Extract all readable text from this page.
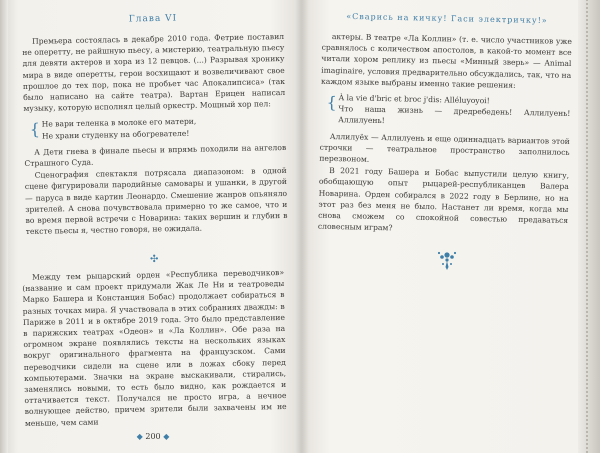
Глава VI

Премьера состоялась в декабре 2010 года. Фетрие поставил не оперетту, не райшную пьесу, а мистерию, театральную пьесу для девяти актеров и хора из 12 певцов. (...) Разрывая хронику мира в виде оперетты, герои восхищают и возвеличивают свое прошлое до тех пор, пока не пробьет час Апокалипсиса» (так было написано на сайте театра). Вартан Ерицен написал музыку, которую исполнял целый оркестр. Мощный хор пел:

{ Не вари теленка в молоке его матери,
Не храни студенку на обогревателе!

А Дети гнева в финале пьесы и впрямь походили на ангелов Страшного Суда.

Сценография спектакля потрясала диапазоном: в одной сцене фигурировали пародийные самовары и ушанки, в другой — паруса в виде картин Леонардо. Смешение жанров опьяняло зрителей. А снова почувствовала примерно то же самое, что и во время первой встречи с Новарина: таких вершин и глубин в тексте пьесы я, честно говоря, не ожидала.

✣

Между тем рыцарский орден «Республика переводчиков» (название и сам проект придумали Жак Ле Ни и театроведы Марко Башера и Констанция Бобас) продолжает собираться в разных точках мира. Я участвовала в этих собраниях дважды: в Париже в 2011 и в октябре 2019 года. Это было представление в парижских театрах «Одеон» и «Ла Коллин». Обе раза на огромном экране появлялись тексты на нескольких языках вокруг оригинального фрагмента на французском. Сами переводчики сидели на сцене или в ложах сбоку перед компьютерами. Значки на экране выскакивали, стирались, заменялись новыми, то есть было видно, как рождается и оттачивается текст. Получался не просто игра, а нечное волнующее действо, причем зрители были захвачены им не меньше, чем сами

◆ 200 ◆
«Сварись на кичку! Гаси электричку!»

актеры. В театре «Ла Коллин» (т. е. число участников уже сравнялось с количеством апостолов, в какой-то момент все читали хором реплику из пьесы «Минный зверь» — Animal imaginaire, условия предварительно обсуждались, так, что на каждом языке выбраны именно такие решения:

{ À la vie d'bric et broc j'dis: Alléluyoyoi!
Что наша жизнь — дредребедень! Аллилуень! Аллилуень!

Аллилуёх — Аллилуень и еще одиннадцать вариантов этой строчки — театральное пространство заполнилось перезвоном.

В 2021 году Башера и Бобас выпустили целую книгу, обобщающую опыт рыцарей-республиканцев Валера Новарина. Орден собирался в 2022 году в Берлине, но на этот раз без меня не было. Настанет ли время, когда мы снова сможем со спокойной совестью предаваться словесным играм?
